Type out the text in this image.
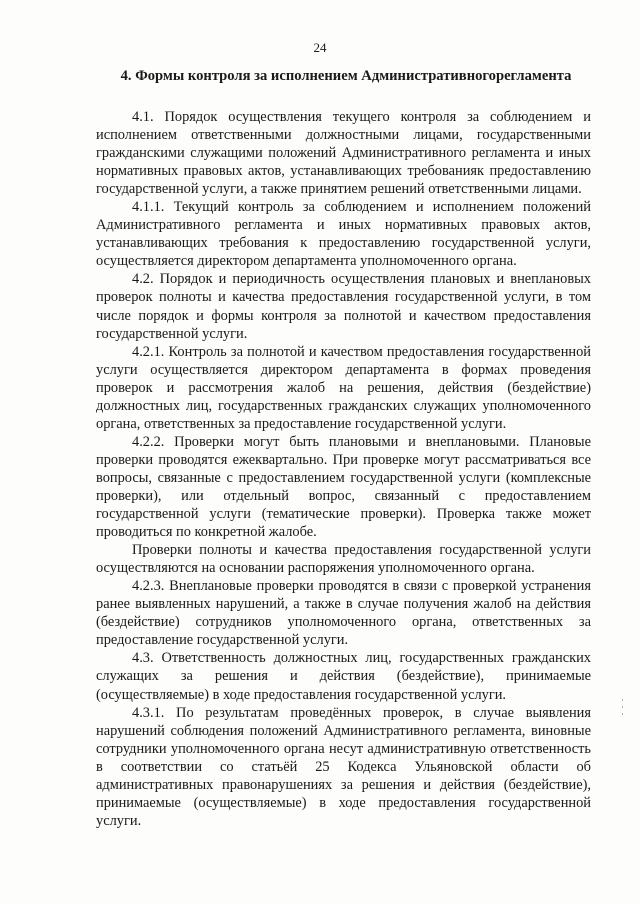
24
4. Формы контроля за исполнением Административногорегламента

4.1. Порядок осуществления текущего контроля за соблюдением и исполнением ответственными должностными лицами, государственными гражданскими служащими положений Административного регламента и иных нормативных правовых актов, устанавливающих требованияк предоставлению государственной услуги, а также принятием решений ответственными лицами.

4.1.1. Текущий контроль за соблюдением и исполнением положений Административного регламента и иных нормативных правовых актов, устанавливающих требования к предоставлению государственной услуги, осуществляется директором департамента уполномоченного органа.

4.2. Порядок и периодичность осуществления плановых и внеплановых проверок полноты и качества предоставления государственной услуги, в том числе порядок и формы контроля за полнотой и качеством предоставления государственной услуги.

4.2.1. Контроль за полнотой и качеством предоставления государственной услуги осуществляется директором департамента в формах проведения проверок и рассмотрения жалоб на решения, действия (бездействие) должностных лиц, государственных гражданских служащих уполномоченного органа, ответственных за предоставление государственной услуги.

4.2.2. Проверки могут быть плановыми и внеплановыми. Плановые проверки проводятся ежеквартально. При проверке могут рассматриваться все вопросы, связанные с предоставлением государственной услуги (комплексные проверки), или отдельный вопрос, связанный с предоставлением государственной услуги (тематические проверки). Проверка также может проводиться по конкретной жалобе.

Проверки полноты и качества предоставления государственной услуги осуществляются на основании распоряжения уполномоченного органа.

4.2.3. Внеплановые проверки проводятся в связи с проверкой устранения ранее выявленных нарушений, а также в случае получения жалоб на действия (бездействие) сотрудников уполномоченного органа, ответственных за предоставление государственной услуги.

4.3. Ответственность должностных лиц, государственных гражданских служащих за решения и действия (бездействие), принимаемые (осуществляемые) в ходе предоставления государственной услуги.

4.3.1. По результатам проведённых проверок, в случае выявления нарушений соблюдения положений Административного регламента, виновные сотрудники уполномоченного органа несут административную ответственность в соответствии со статьёй 25 Кодекса Ульяновской области об административных правонарушениях за решения и действия (бездействие), принимаемые (осуществляемые) в ходе предоставления государственной услуги.
